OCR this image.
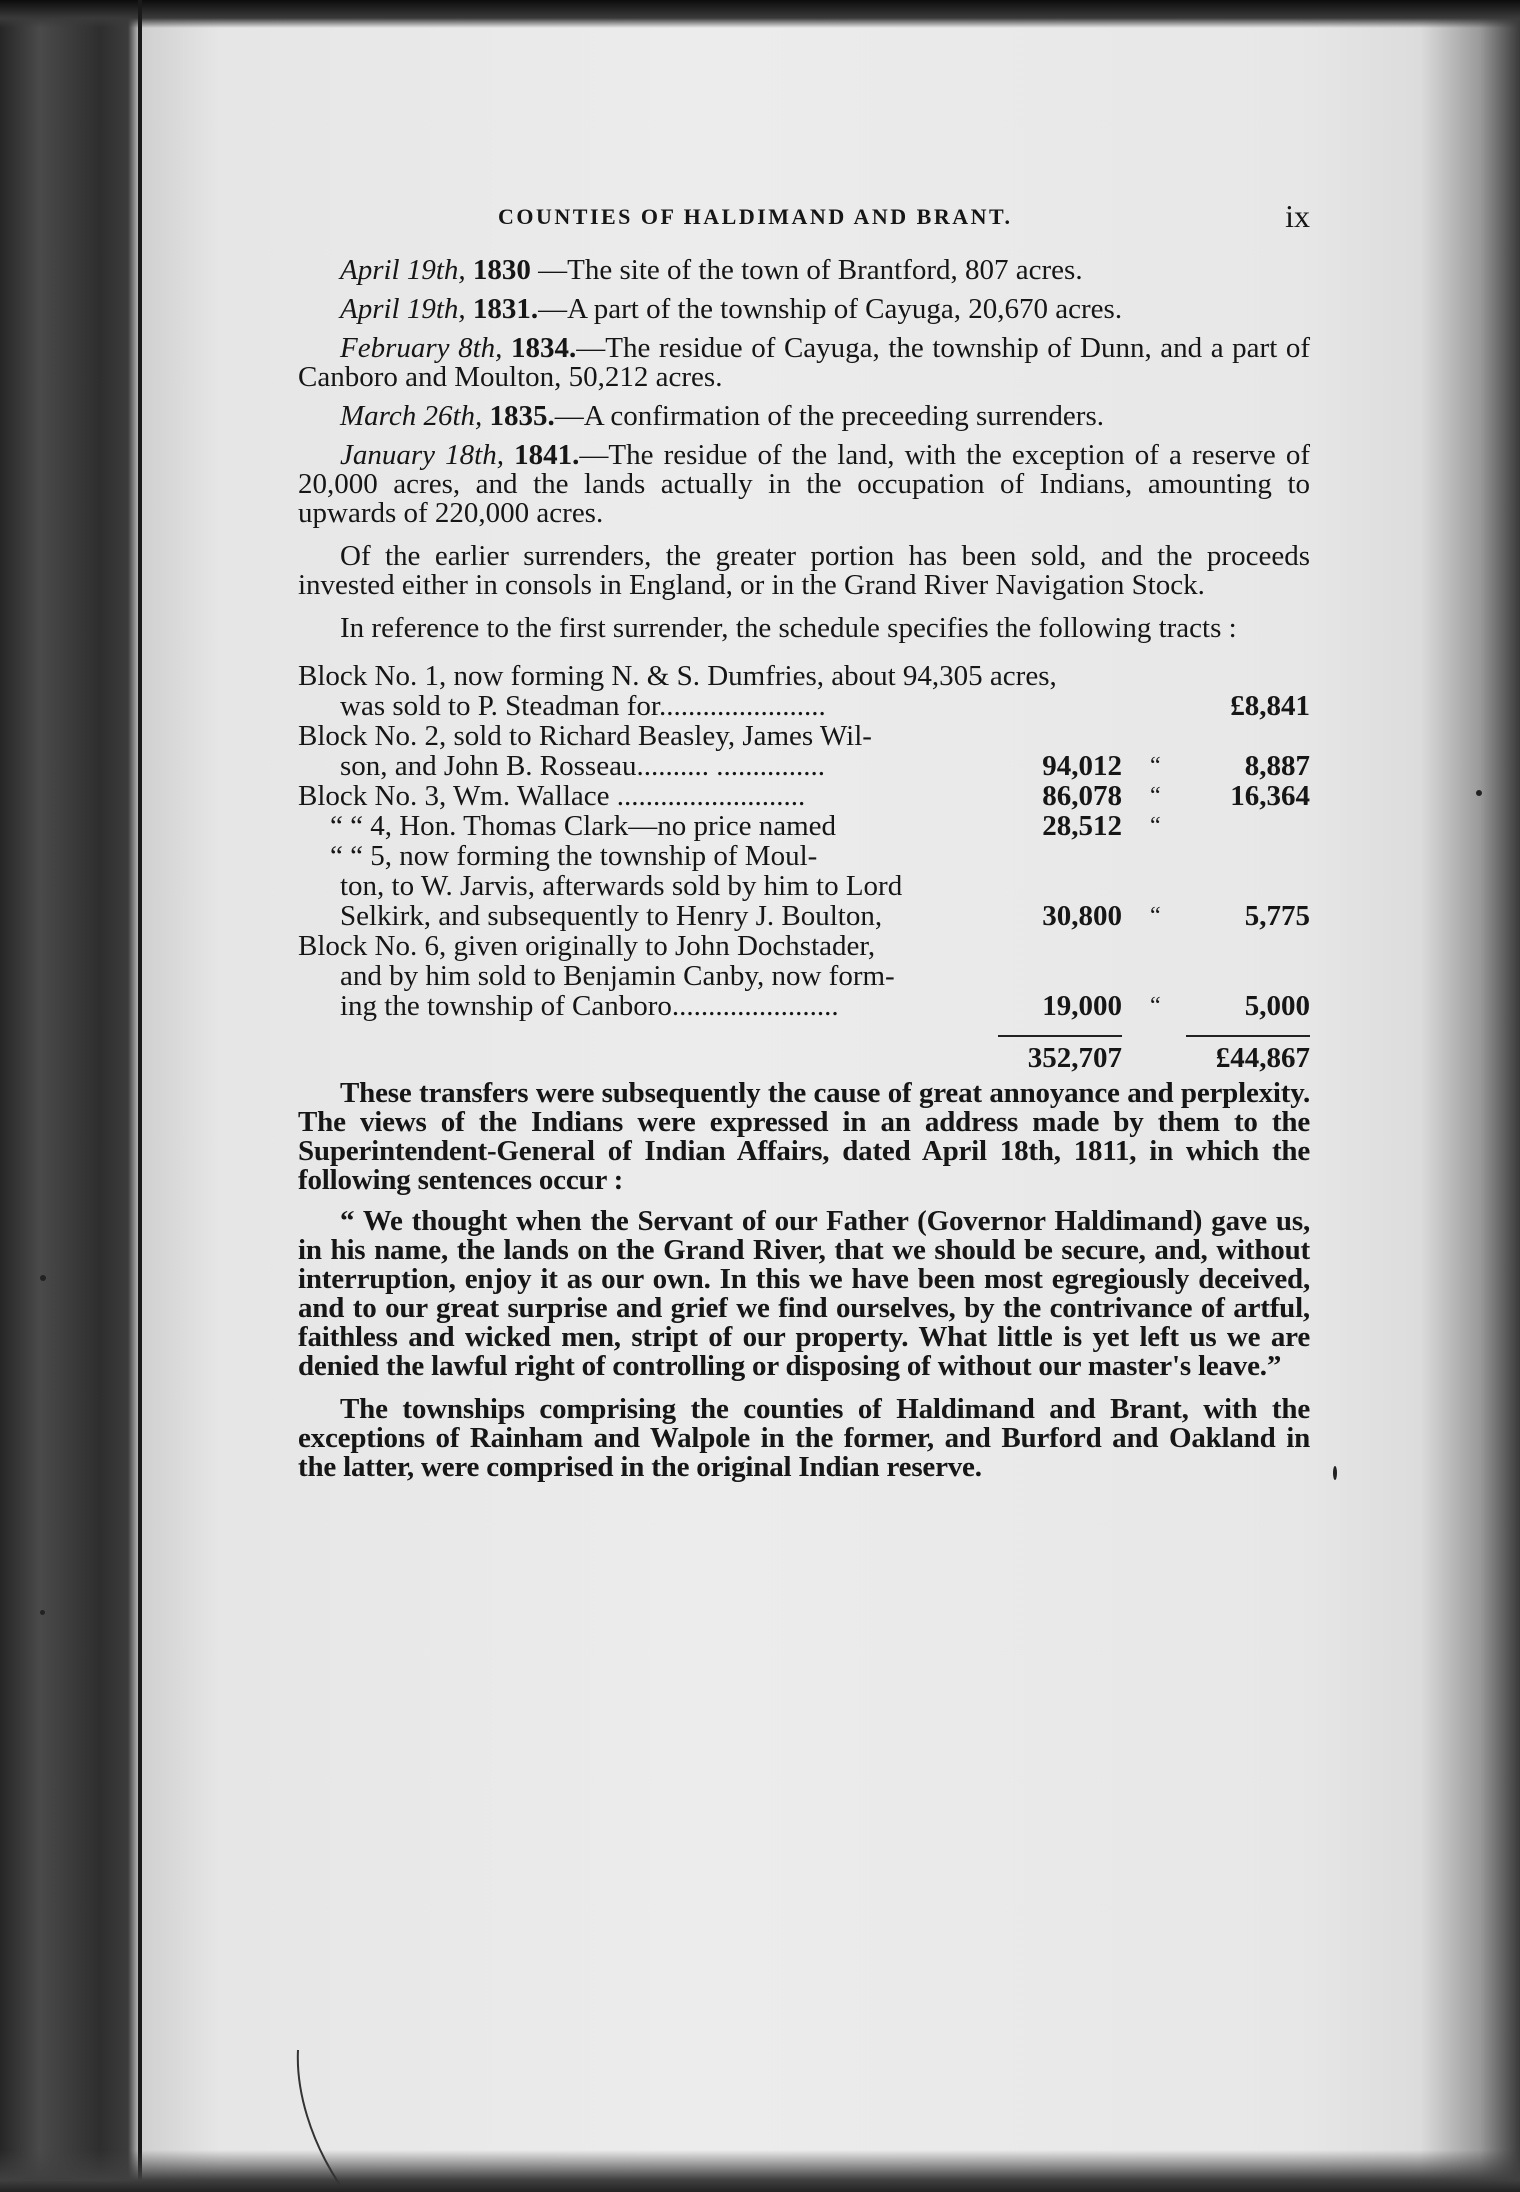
COUNTIES OF HALDIMAND AND BRANT.	ix

April 19th, 1830 —The site of the town of Brantford, 807 acres.

April 19th, 1831.—A part of the township of Cayuga, 20,670 acres.

February 8th, 1834.—The residue of Cayuga, the township of Dunn, and a part of Canboro and Moulton, 50,212 acres.

March 26th, 1835.—A confirmation of the preceeding surrenders.

January 18th, 1841.—The residue of the land, with the exception of a reserve of 20,000 acres, and the lands actually in the occupation of Indians, amounting to upwards of 220,000 acres.

Of the earlier surrenders, the greater portion has been sold, and the proceeds invested either in consols in England, or in the Grand River Navigation Stock.

In reference to the first surrender, the schedule specifies the following tracts :

Block No. 1, now forming N. & S. Dumfries, about 94,305 acres,
was sold to P. Steadman for.......................	£8,841
Block No. 2, sold to Richard Beasley, James Wil-
son, and John B. Rosseau.......... ...............	94,012 “	8,887
Block No. 3, Wm. Wallace ..........................	86,078 “ 16,364
“ “ 4, Hon. Thomas Clark—no price named	28,512 “
“ “ 5, now forming the township of Moul-
ton, to W. Jarvis, afterwards sold by him to Lord
Selkirk, and subsequently to Henry J. Boulton,	30,800 “	5,775
Block No. 6, given originally to John Dochstader,
and by him sold to Benjamin Canby, now form-
ing the township of Canboro.......................	19,000 “	5,000
352,707	£44,867

These transfers were subsequently the cause of great annoyance and perplexity. The views of the Indians were expressed in an address made by them to the Superintendent-General of Indian Affairs, dated April 18th, 1811, in which the following sentences occur :

“ We thought when the Servant of our Father (Governor Haldimand) gave us, in his name, the lands on the Grand River, that we should be secure, and, without interruption, enjoy it as our own. In this we have been most egregiously deceived, and to our great surprise and grief we find ourselves, by the contrivance of artful, faithless and wicked men, stript of our property. What little is yet left us we are denied the lawful right of controlling or disposing of without our master's leave.”

The townships comprising the counties of Haldimand and Brant, with the exceptions of Rainham and Walpole in the former, and Burford and Oakland in the latter, were comprised in the original Indian reserve.
